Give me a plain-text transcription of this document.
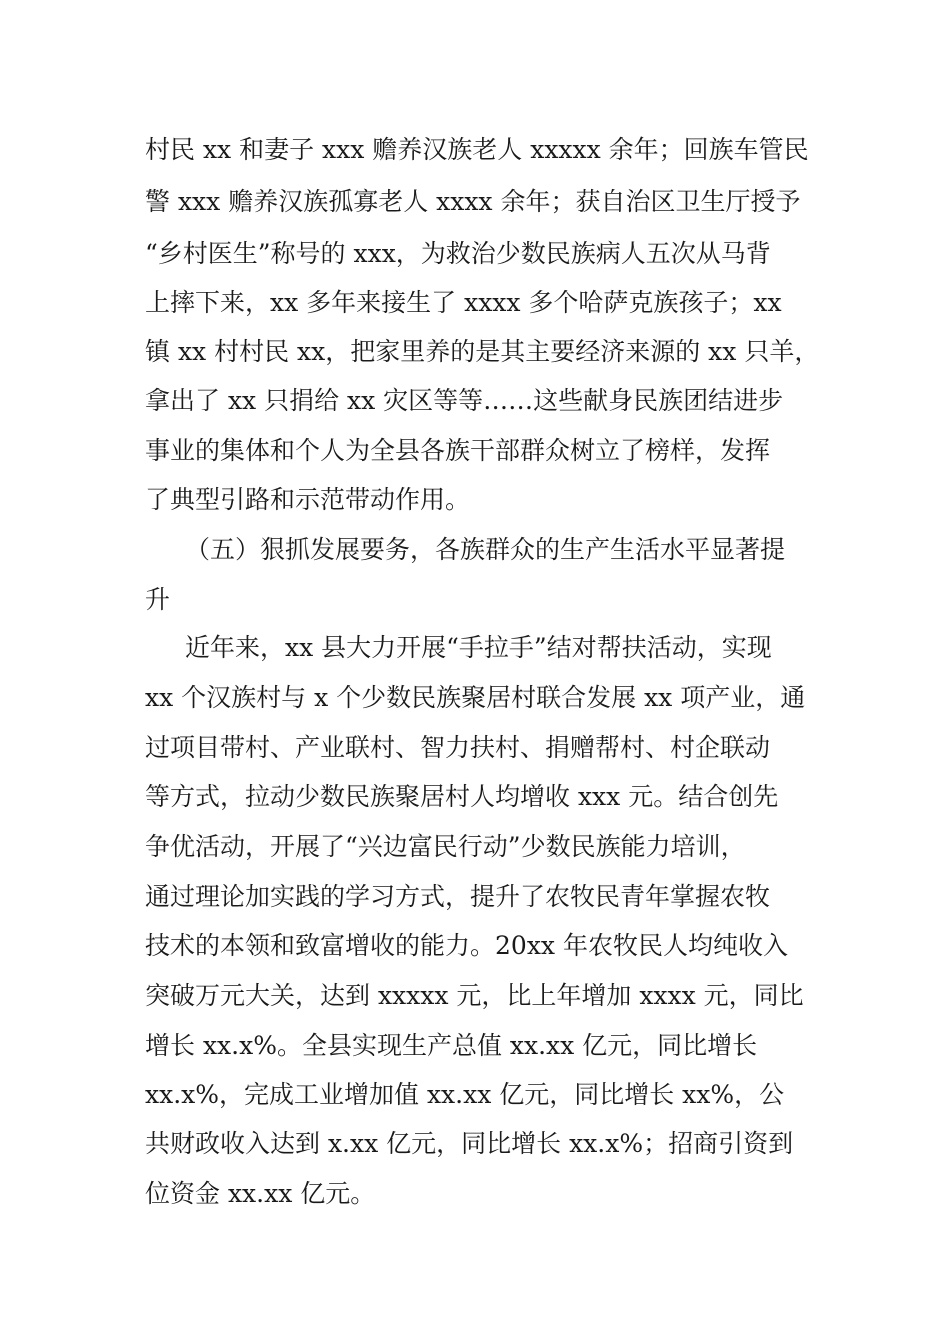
村民 xx 和妻子 xxx 赡养汉族老人 xxxxx 余年；回族车管民
警 xxx 赡养汉族孤寡老人 xxxx 余年；获自治区卫生厅授予
“乡村医生”称号的 xxx，为救治少数民族病人五次从马背
上摔下来，xx 多年来接生了 xxxx 多个哈萨克族孩子；xx
镇 xx 村村民 xx，把家里养的是其主要经济来源的 xx 只羊，
拿出了 xx 只捐给 xx 灾区等等……这些献身民族团结进步
事业的集体和个人为全县各族干部群众树立了榜样，发挥
了典型引路和示范带动作用。
（五）狠抓发展要务，各族群众的生产生活水平显著提
升
近年来，xx 县大力开展“手拉手”结对帮扶活动，实现
xx 个汉族村与 x 个少数民族聚居村联合发展 xx 项产业，通
过项目带村、产业联村、智力扶村、捐赠帮村、村企联动
等方式，拉动少数民族聚居村人均增收 xxx 元。结合创先
争优活动，开展了“兴边富民行动”少数民族能力培训，
通过理论加实践的学习方式，提升了农牧民青年掌握农牧
技术的本领和致富增收的能力。20xx 年农牧民人均纯收入
突破万元大关，达到 xxxxx 元，比上年增加 xxxx 元，同比
增长 xx.x%。全县实现生产总值 xx.xx 亿元，同比增长
xx.x%，完成工业增加值 xx.xx 亿元，同比增长 xx%，公
共财政收入达到 x.xx 亿元，同比增长 xx.x%；招商引资到
位资金 xx.xx 亿元。
